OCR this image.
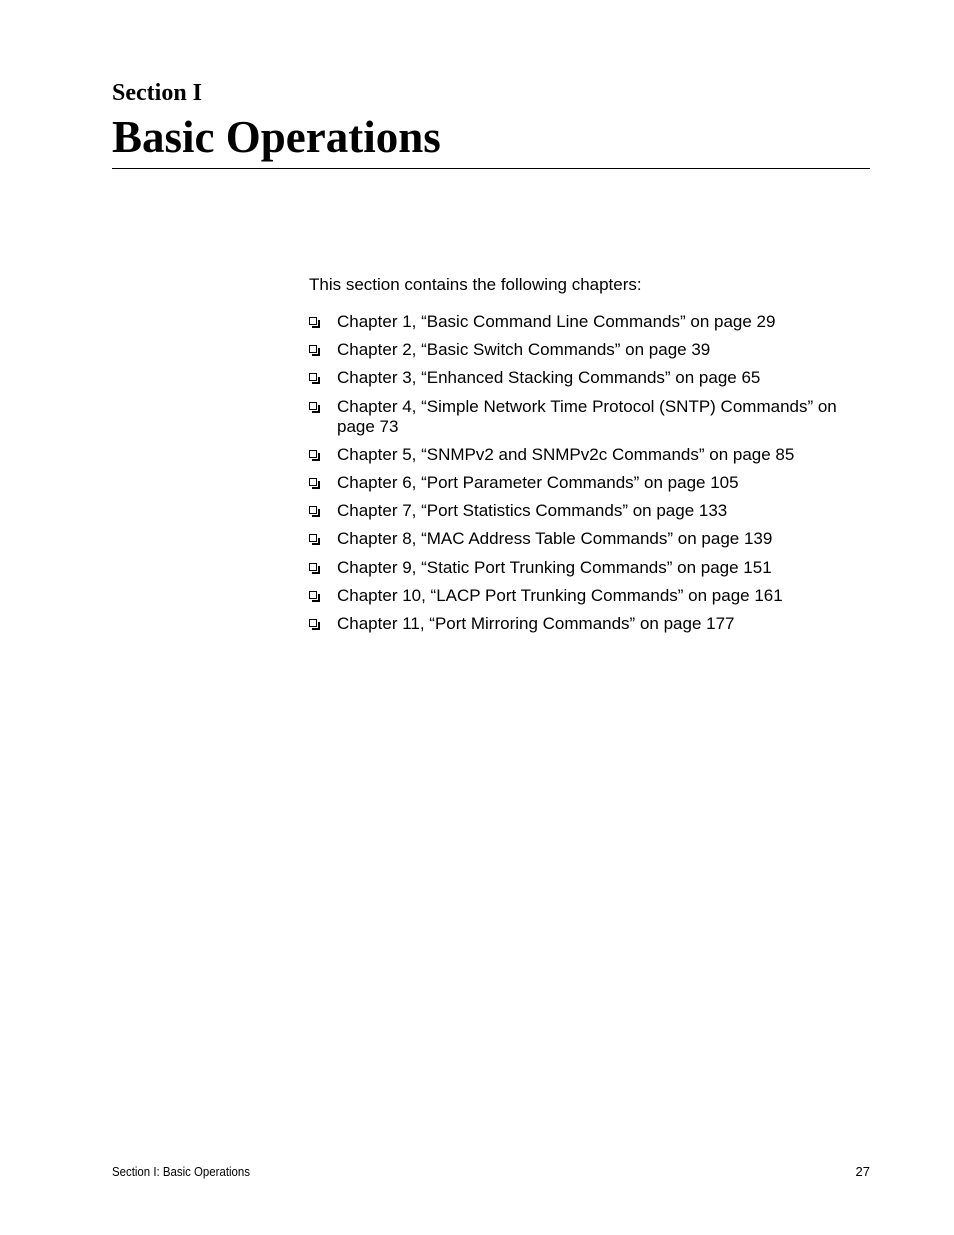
Section I
Basic Operations

This section contains the following chapters:

Chapter 1, “Basic Command Line Commands” on page 29
Chapter 2, “Basic Switch Commands” on page 39
Chapter 3, “Enhanced Stacking Commands” on page 65
Chapter 4, “Simple Network Time Protocol (SNTP) Commands” on page 73
Chapter 5, “SNMPv2 and SNMPv2c Commands” on page 85
Chapter 6, “Port Parameter Commands” on page 105
Chapter 7, “Port Statistics Commands” on page 133
Chapter 8, “MAC Address Table Commands” on page 139
Chapter 9, “Static Port Trunking Commands” on page 151
Chapter 10, “LACP Port Trunking Commands” on page 161
Chapter 11, “Port Mirroring Commands” on page 177
Section I: Basic Operations	27
